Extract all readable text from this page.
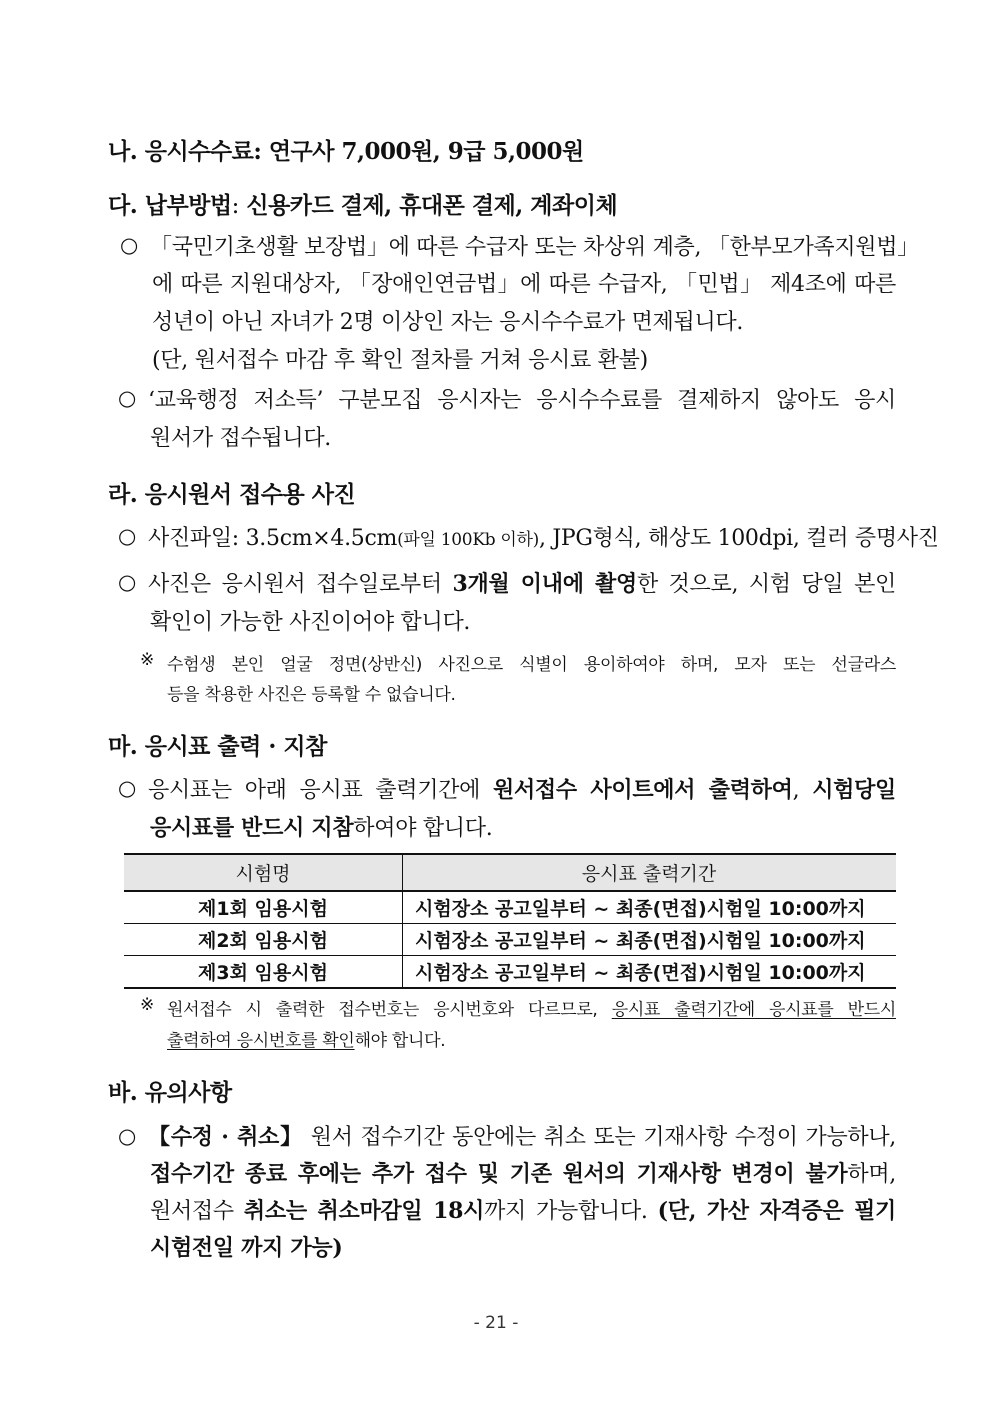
나. 응시수수료: 연구사 7,000원, 9급 5,000원
다. 납부방법: 신용카드 결제, 휴대폰 결제, 계좌이체
○ 「국민기초생활 보장법」에 따른 수급자 또는 차상위 계층, 「한부모가족지원법」
에 따른 지원대상자, 「장애인연금법」에 따른 수급자, 「민법」 제4조에 따른
성년이 아닌 자녀가 2명 이상인 자는 응시수수료가 면제됩니다.
(단, 원서접수 마감 후 확인 절차를 거쳐 응시료 환불)
○ ‘교육행정 저소득’ 구분모집 응시자는 응시수수료를 결제하지 않아도 응시
원서가 접수됩니다.
라. 응시원서 접수용 사진
○ 사진파일: 3.5cm×4.5cm(파일 100Kb 이하), JPG형식, 해상도 100dpi, 컬러 증명사진
○ 사진은 응시원서 접수일로부터 3개월 이내에 촬영한 것으로, 시험 당일 본인
확인이 가능한 사진이어야 합니다.
※ 수험생 본인 얼굴 정면(상반신) 사진으로 식별이 용이하여야 하며, 모자 또는 선글라스
등을 착용한 사진은 등록할 수 없습니다.
마. 응시표 출력 · 지참
○ 응시표는 아래 응시표 출력기간에 원서접수 사이트에서 출력하여, 시험당일
응시표를 반드시 지참하여야 합니다.
시험명	응시표 출력기간
제1회 임용시험	시험장소 공고일부터 ~ 최종(면접)시험일 10:00까지
제2회 임용시험	시험장소 공고일부터 ~ 최종(면접)시험일 10:00까지
제3회 임용시험	시험장소 공고일부터 ~ 최종(면접)시험일 10:00까지
※ 원서접수 시 출력한 접수번호는 응시번호와 다르므로, 응시표 출력기간에 응시표를 반드시
출력하여 응시번호를 확인해야 합니다.
바. 유의사항
○ 【수정 · 취소】 원서 접수기간 동안에는 취소 또는 기재사항 수정이 가능하나,
접수기간 종료 후에는 추가 접수 및 기존 원서의 기재사항 변경이 불가하며,
원서접수 취소는 취소마감일 18시까지 가능합니다. (단, 가산 자격증은 필기
시험전일 까지 가능)
- 21 -
